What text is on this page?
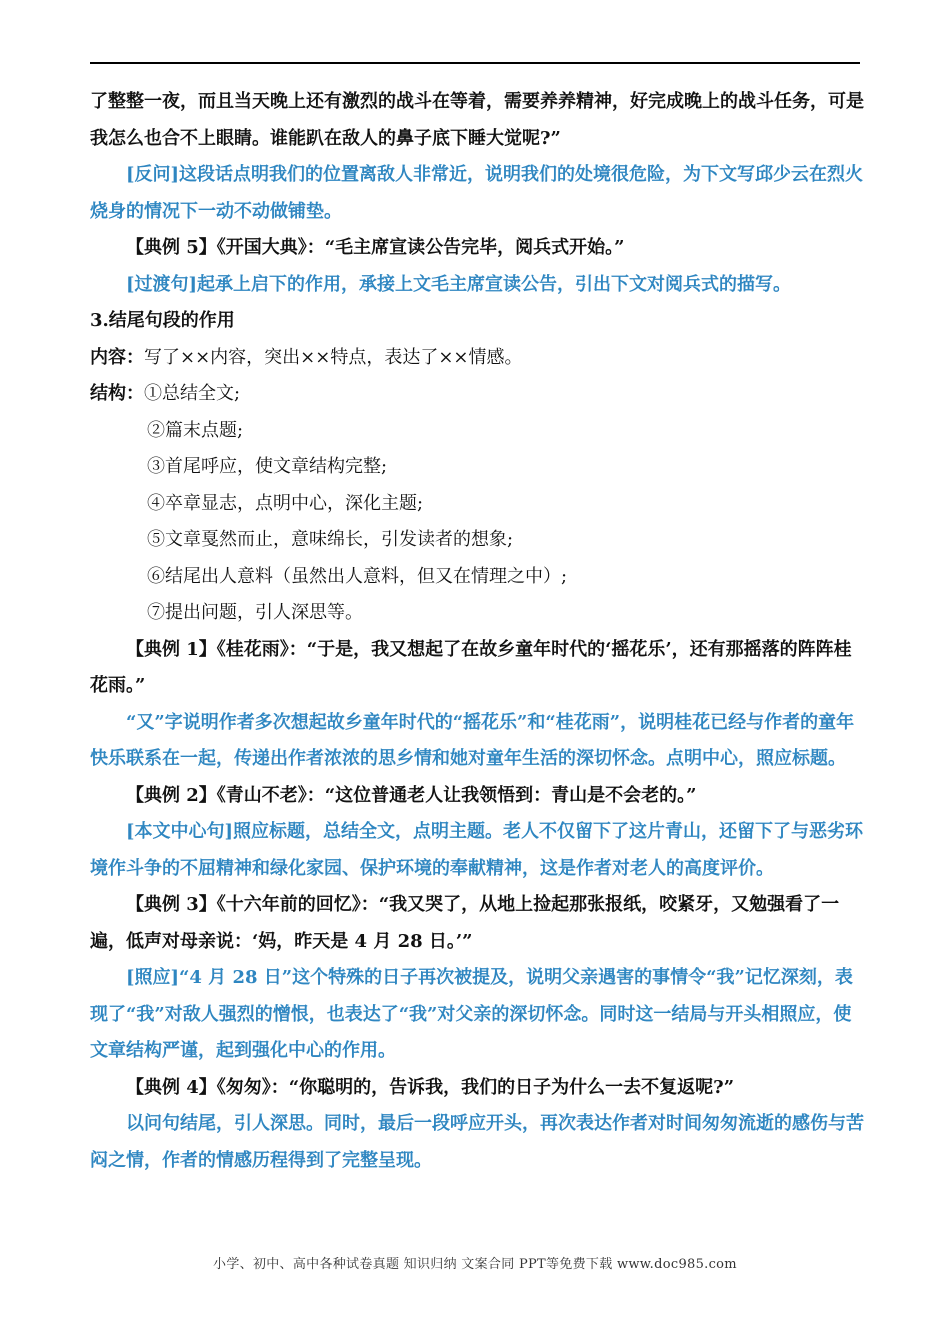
了整整一夜，而且当天晚上还有激烈的战斗在等着，需要养养精神，好完成晚上的战斗任务，可是我怎么也合不上眼睛。谁能趴在敌人的鼻子底下睡大觉呢?”

[反问]这段话点明我们的位置离敌人非常近，说明我们的处境很危险，为下文写邱少云在烈火烧身的情况下一动不动做铺垫。

【典例 5】《开国大典》：“毛主席宣读公告完毕，阅兵式开始。”

[过渡句]起承上启下的作用，承接上文毛主席宣读公告，引出下文对阅兵式的描写。

3.结尾句段的作用

内容：写了××内容，突出××特点，表达了××情感。

结构：①总结全文;

②篇末点题;

③首尾呼应，使文章结构完整;

④卒章显志，点明中心，深化主题;

⑤文章戛然而止，意味绵长，引发读者的想象;

⑥结尾出人意料（虽然出人意料，但又在情理之中）;

⑦提出问题，引人深思等。

【典例 1】《桂花雨》：“于是，我又想起了在故乡童年时代的‘摇花乐’，还有那摇落的阵阵桂花雨。”

“又”字说明作者多次想起故乡童年时代的“摇花乐”和“桂花雨”，说明桂花已经与作者的童年快乐联系在一起，传递出作者浓浓的思乡情和她对童年生活的深切怀念。点明中心，照应标题。

【典例 2】《青山不老》：“这位普通老人让我领悟到：青山是不会老的。”

[本文中心句]照应标题，总结全文，点明主题。老人不仅留下了这片青山，还留下了与恶劣环境作斗争的不屈精神和绿化家园、保护环境的奉献精神，这是作者对老人的高度评价。

【典例 3】《十六年前的回忆》：“我又哭了，从地上捡起那张报纸，咬紧牙，又勉强看了一遍，低声对母亲说：‘妈，昨天是 4 月 28 日。’”

[照应]“4 月 28 日”这个特殊的日子再次被提及，说明父亲遇害的事情令“我”记忆深刻，表现了“我”对敌人强烈的憎恨，也表达了“我”对父亲的深切怀念。同时这一结局与开头相照应，使文章结构严谨，起到强化中心的作用。

【典例 4】《匆匆》：“你聪明的，告诉我，我们的日子为什么一去不复返呢?”

以问句结尾，引人深思。同时，最后一段呼应开头，再次表达作者对时间匆匆流逝的感伤与苦闷之情，作者的情感历程得到了完整呈现。

小学、初中、高中各种试卷真题 知识归纳 文案合同 PPT等免费下载 www.doc985.com
